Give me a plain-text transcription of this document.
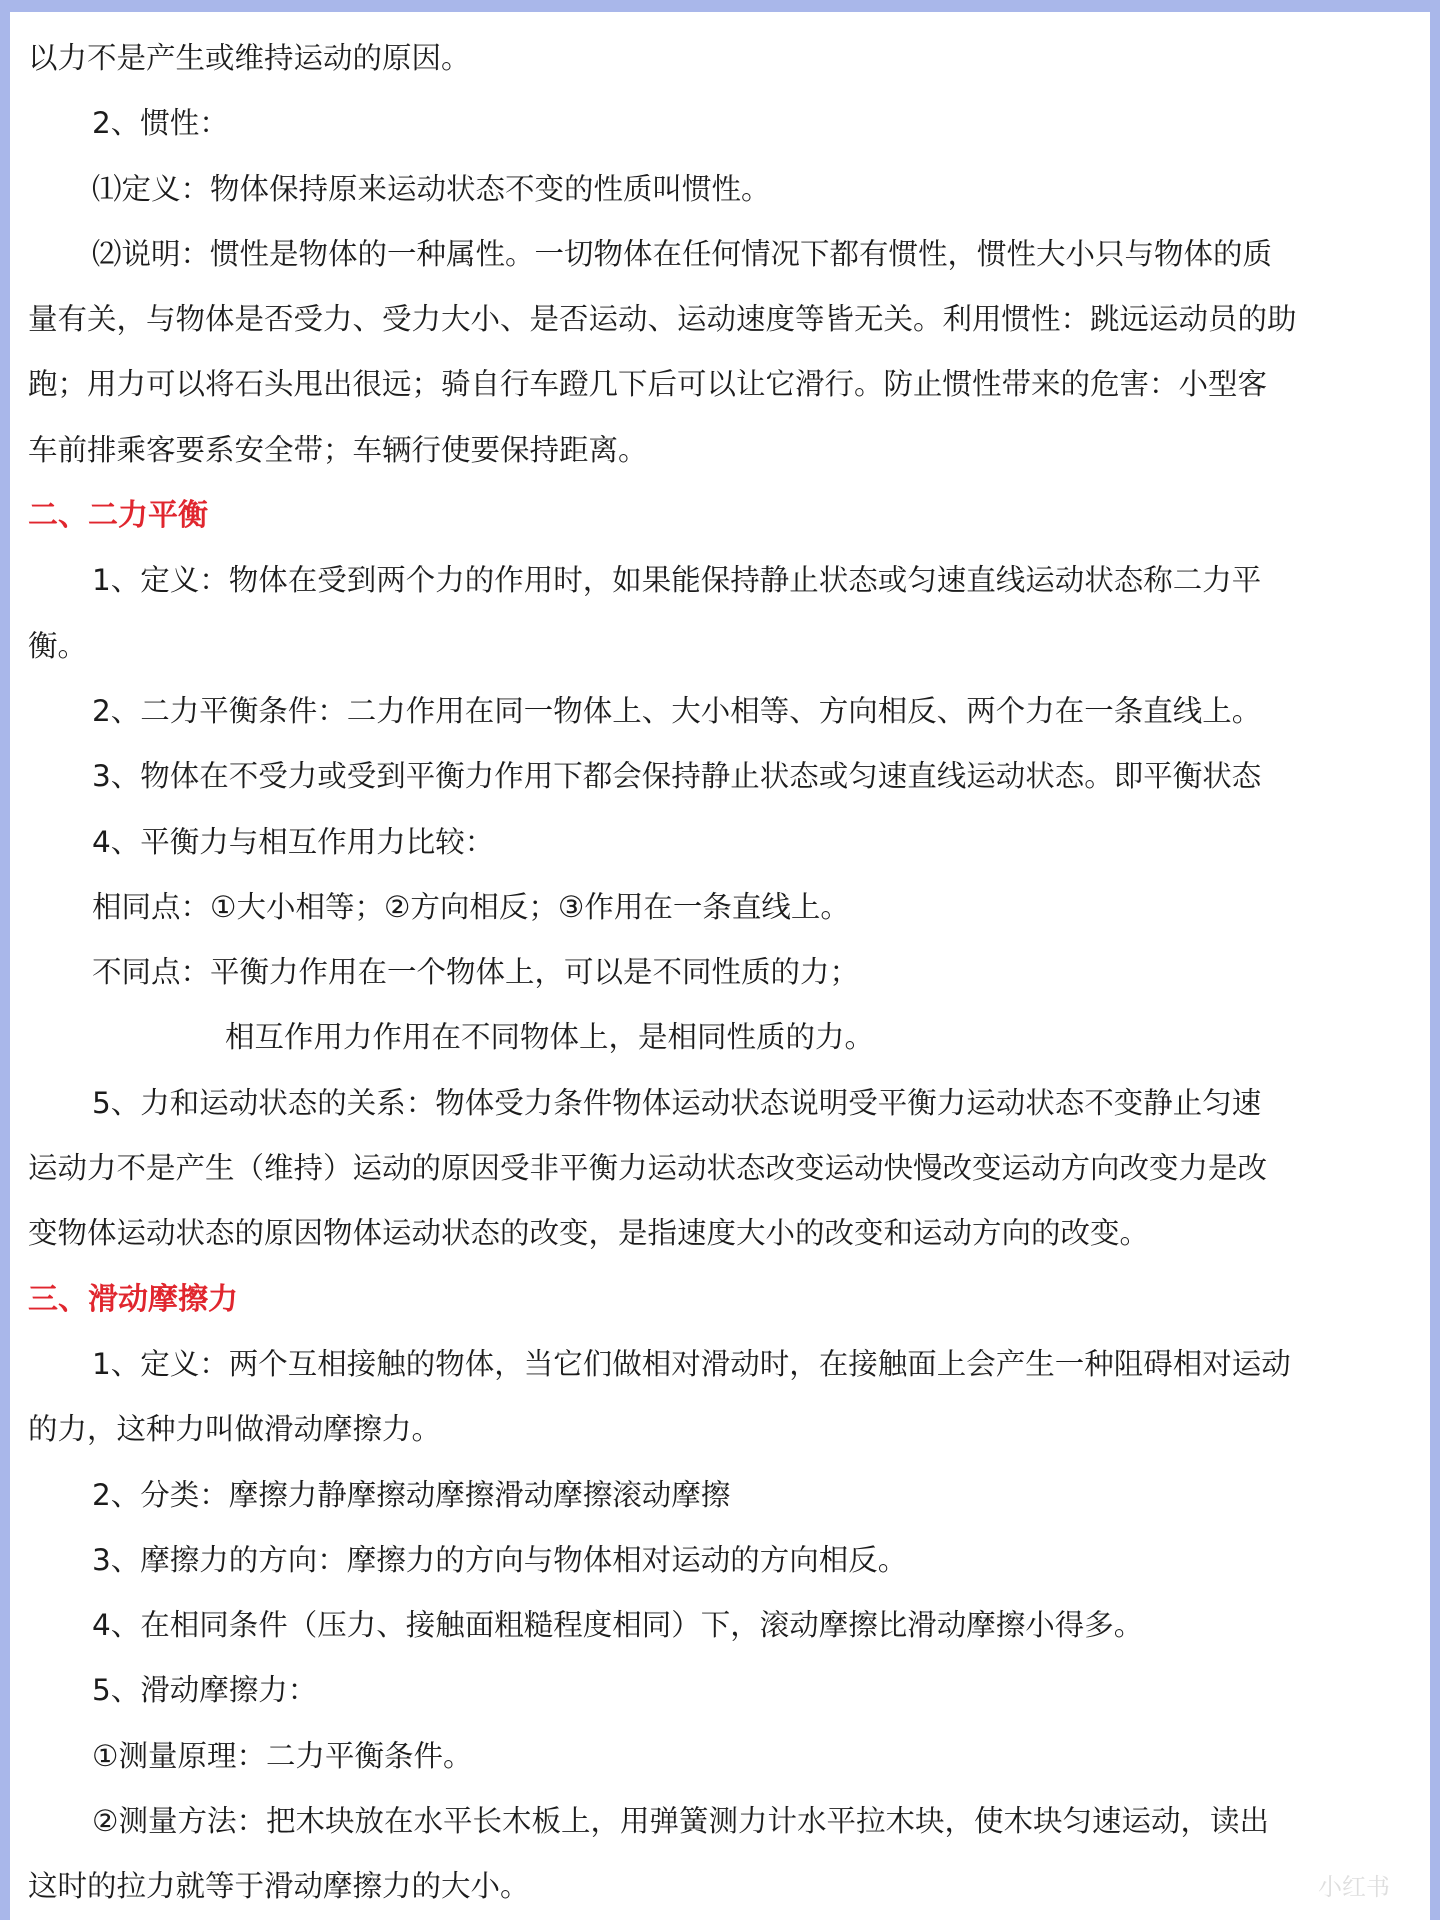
以力不是产生或维持运动的原因。
2、惯性：
⑴定义：物体保持原来运动状态不变的性质叫惯性。
⑵说明：惯性是物体的一种属性。一切物体在任何情况下都有惯性，惯性大小只与物体的质
量有关，与物体是否受力、受力大小、是否运动、运动速度等皆无关。利用惯性：跳远运动员的助
跑；用力可以将石头甩出很远；骑自行车蹬几下后可以让它滑行。防止惯性带来的危害：小型客
车前排乘客要系安全带；车辆行使要保持距离。
二、二力平衡
1、定义：物体在受到两个力的作用时，如果能保持静止状态或匀速直线运动状态称二力平
衡。
2、二力平衡条件：二力作用在同一物体上、大小相等、方向相反、两个力在一条直线上。
3、物体在不受力或受到平衡力作用下都会保持静止状态或匀速直线运动状态。即平衡状态
4、平衡力与相互作用力比较：
相同点：①大小相等；②方向相反；③作用在一条直线上。
不同点：平衡力作用在一个物体上，可以是不同性质的力；
相互作用力作用在不同物体上，是相同性质的力。
5、力和运动状态的关系：物体受力条件物体运动状态说明受平衡力运动状态不变静止匀速
运动力不是产生（维持）运动的原因受非平衡力运动状态改变运动快慢改变运动方向改变力是改
变物体运动状态的原因物体运动状态的改变，是指速度大小的改变和运动方向的改变。
三、滑动摩擦力
1、定义：两个互相接触的物体，当它们做相对滑动时，在接触面上会产生一种阻碍相对运动
的力，这种力叫做滑动摩擦力。
2、分类：摩擦力静摩擦动摩擦滑动摩擦滚动摩擦
3、摩擦力的方向：摩擦力的方向与物体相对运动的方向相反。
4、在相同条件（压力、接触面粗糙程度相同）下，滚动摩擦比滑动摩擦小得多。
5、滑动摩擦力：
①测量原理：二力平衡条件。
②测量方法：把木块放在水平长木板上，用弹簧测力计水平拉木块，使木块匀速运动，读出
这时的拉力就等于滑动摩擦力的大小。	小红书
